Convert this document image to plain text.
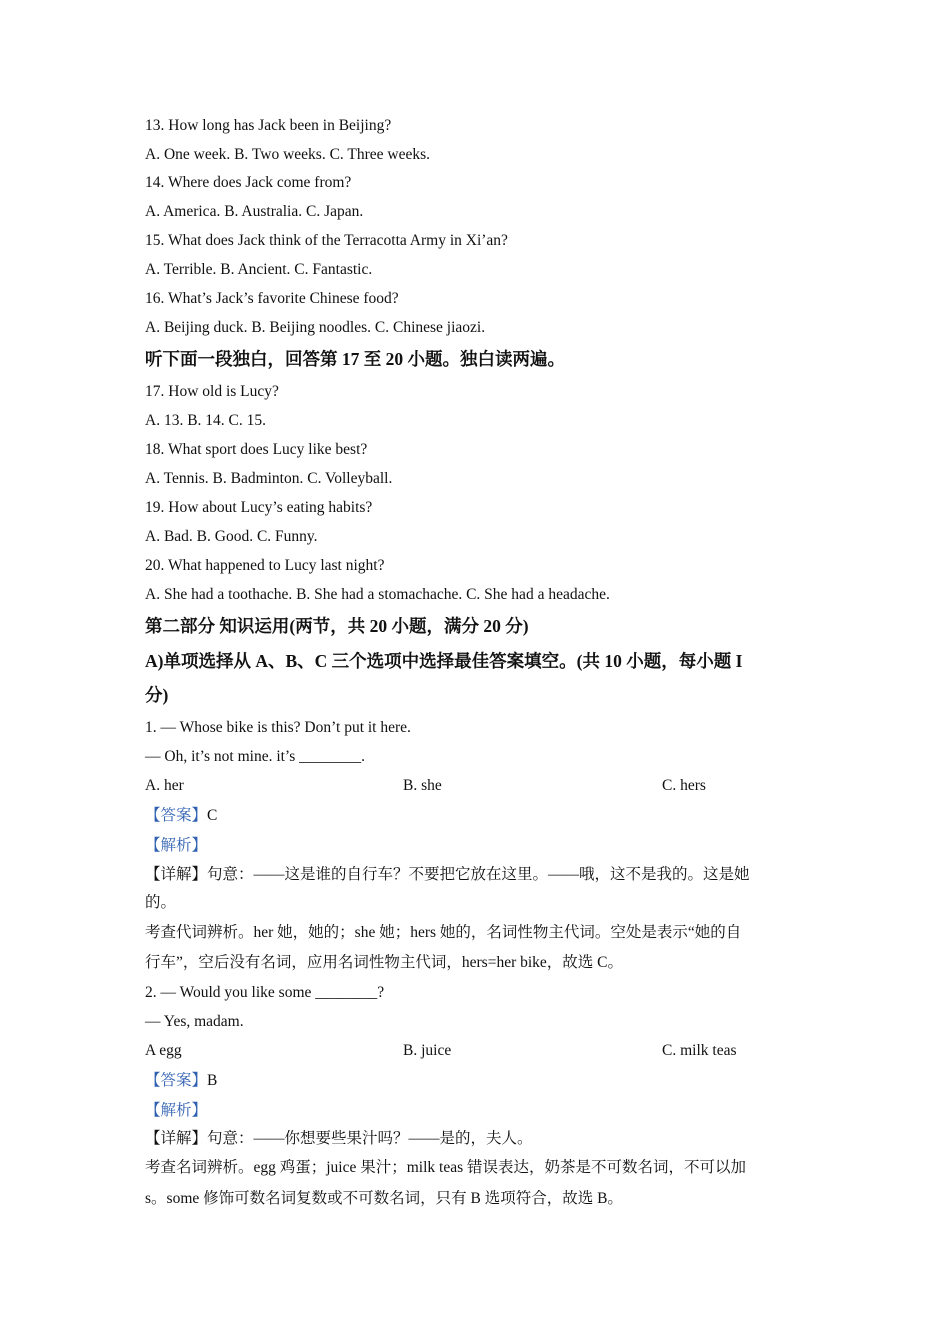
13. How long has Jack been in Beijing?
A. One week. B. Two weeks. C. Three weeks.
14. Where does Jack come from?
A. America. B. Australia. C. Japan.
15. What does Jack think of the Terracotta Army in Xi’an?
A. Terrible. B. Ancient. C. Fantastic.
16. What’s Jack’s favorite Chinese food?
A. Beijing duck. B. Beijing noodles. C. Chinese jiaozi.
听下面一段独白，回答第 17 至 20 小题。独白读两遍。
17. How old is Lucy?
A. 13. B. 14. C. 15.
18. What sport does Lucy like best?
A. Tennis. B. Badminton. C. Volleyball.
19. How about Lucy’s eating habits?
A. Bad. B. Good. C. Funny.
20. What happened to Lucy last night?
A. She had a toothache. B. She had a stomachache. C. She had a headache.
第二部分 知识运用(两节，共 20 小题，满分 20 分)
A)单项选择从 A、B、C 三个选项中选择最佳答案填空。(共 10 小题，每小题 I
分)
1. — Whose bike is this? Don’t put it here.
— Oh, it’s not mine. it’s ________.
A. her	B. she	C. hers
【答案】C
【解析】
【详解】句意：——这是谁的自行车？不要把它放在这里。——哦，这不是我的。这是她
的。
考查代词辨析。her 她，她的；she 她；hers 她的，名词性物主代词。空处是表示“她的自
行车”，空后没有名词，应用名词性物主代词，hers=her bike，故选 C。
2. — Would you like some ________?
— Yes, madam.
A egg	B. juice	C. milk teas
【答案】B
【解析】
【详解】句意：——你想要些果汁吗？——是的，夫人。
考查名词辨析。egg 鸡蛋；juice 果汁；milk teas 错误表达，奶茶是不可数名词，不可以加
s。some 修饰可数名词复数或不可数名词，只有 B 选项符合，故选 B。
